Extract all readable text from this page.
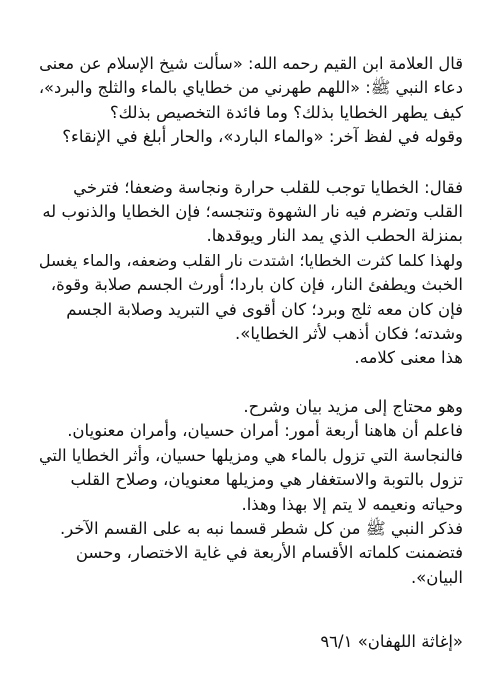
قال العلامة ابن القيم رحمه الله: «سألت شيخ الإسلام عن معنى
دعاء النبي ﷺ: «اللهم طهرني من خطاياي بالماء والثلج والبرد»،
كيف يطهر الخطايا بذلك؟ وما فائدة التخصيص بذلك؟
وقوله في لفظ آخر: «والماء البارد»، والحار أبلغ في الإنقاء؟

فقال: الخطايا توجب للقلب حرارة ونجاسة وضعفا؛ فترخي
القلب وتضرم فيه نار الشهوة وتنجسه؛ فإن الخطايا والذنوب له
بمنزلة الحطب الذي يمد النار ويوقدها.
ولهذا كلما كثرت الخطايا؛ اشتدت نار القلب وضعفه، والماء يغسل
الخبث ويطفئ النار، فإن كان باردا؛ أورث الجسم صلابة وقوة،
فإن كان معه ثلج وبرد؛ كان أقوى في التبريد وصلابة الجسم
وشدته؛ فكان أذهب لأثر الخطايا».
هذا معنى كلامه.

وهو محتاج إلى مزيد بيان وشرح.
فاعلم أن هاهنا أربعة أمور: أمران حسيان، وأمران معنويان.
فالنجاسة التي تزول بالماء هي ومزيلها حسيان، وأثر الخطايا التي
تزول بالتوبة والاستغفار هي ومزيلها معنويان، وصلاح القلب
وحياته ونعيمه لا يتم إلا بهذا وهذا.
فذكر النبي ﷺ من كل شطر قسما نبه به على القسم الآخر.
فتضمنت كلماته الأقسام الأربعة في غاية الاختصار، وحسن
البيان».

«إغاثة اللهفان» ٩٦/١
